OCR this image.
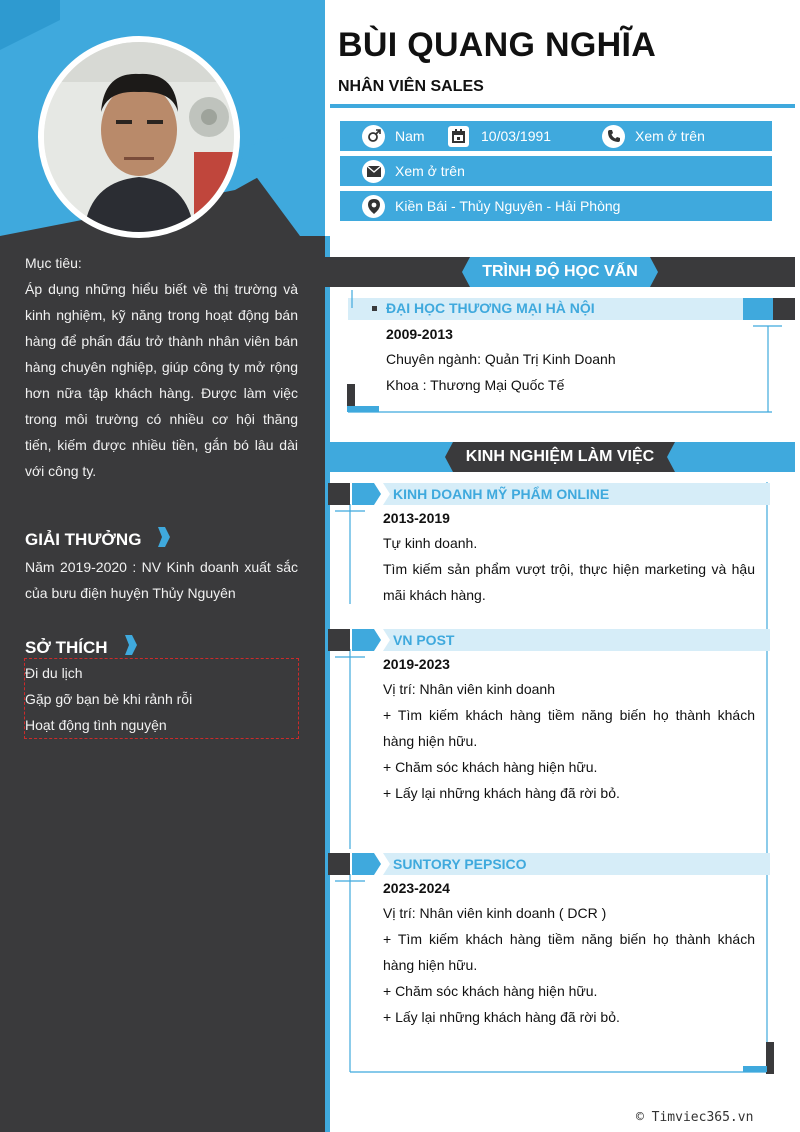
Mục tiêu:
Áp dụng những hiểu biết về thị trường và kinh nghiệm, kỹ năng trong hoạt động bán hàng để phấn đấu trở thành nhân viên bán hàng chuyên nghiệp, giúp công ty mở rộng hơn nữa tập khách hàng. Được làm việc trong môi trường có nhiều cơ hội thăng tiến, kiếm được nhiều tiền, gắn bó lâu dài với công ty.
GIẢI THƯỞNG
Năm 2019-2020 : NV Kinh doanh xuất sắc của bưu điện huyện Thủy Nguyên
SỞ THÍCH
Đi du lịch
Gặp gỡ bạn bè khi rảnh rỗi
Hoạt động tình nguyện
BÙI QUANG NGHĨA
NHÂN VIÊN SALES
Nam	10/03/1991	Xem ở trên
Xem ở trên
Kiền Bái - Thủy Nguyên - Hải Phòng
TRÌNH ĐỘ HỌC VẤN
ĐẠI HỌC THƯƠNG MẠI HÀ NỘI
2009-2013
Chuyên ngành: Quản Trị Kinh Doanh
Khoa : Thương Mại Quốc Tế
KINH NGHIỆM LÀM VIỆC
KINH DOANH MỸ PHẨM ONLINE
2013-2019
Tự kinh doanh.
Tìm kiếm sản phẩm vượt trội, thực hiện marketing và hậu mãi khách hàng.
VN POST
2019-2023
Vị trí: Nhân viên kinh doanh
+ Tìm kiếm khách hàng tiềm năng biến họ thành khách hàng hiện hữu.
+ Chăm sóc khách hàng hiện hữu.
+ Lấy lại những khách hàng đã rời bỏ.
SUNTORY PEPSICO
2023-2024
Vị trí: Nhân viên kinh doanh ( DCR )
+ Tìm kiếm khách hàng tiềm năng biến họ thành khách hàng hiện hữu.
+ Chăm sóc khách hàng hiện hữu.
+ Lấy lại những khách hàng đã rời bỏ.
© Timviec365.vn
